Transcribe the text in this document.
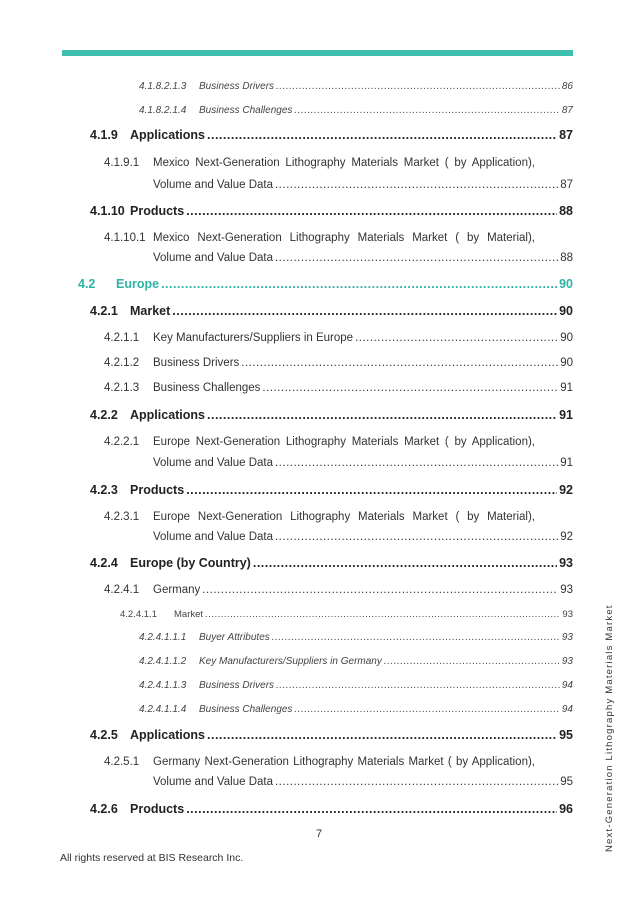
4.1.8.2.1.3	Business Drivers .....	86
4.1.8.2.1.4	Business Challenges .....	87
4.1.9 Applications .....	87
4.1.9.1	Mexico Next-Generation Lithography Materials Market ( by Application),
Volume and Value Data .....	87
4.1.10 Products .....	88
4.1.10.1 Mexico Next-Generation Lithography Materials Market ( by Material),
Volume and Value Data .....	88
4.2	Europe .....	90
4.2.1 Market .....	90
4.2.1.1	Key Manufacturers/Suppliers in Europe .....	90
4.2.1.2	Business Drivers .....	90
4.2.1.3	Business Challenges .....	91
4.2.2 Applications .....	91
4.2.2.1	Europe Next-Generation Lithography Materials Market ( by Application),
Volume and Value Data .....	91
4.2.3 Products .....	92
4.2.3.1	Europe Next-Generation Lithography Materials Market ( by Material),
Volume and Value Data .....	92
4.2.4 Europe (by Country) .....	93
4.2.4.1	Germany .....	93
4.2.4.1.1	Market .....	93
4.2.4.1.1.1	Buyer Attributes .....	93
4.2.4.1.1.2	Key Manufacturers/Suppliers in Germany .....	93
4.2.4.1.1.3	Business Drivers .....	94
4.2.4.1.1.4	Business Challenges .....	94
4.2.5 Applications .....	95
4.2.5.1	Germany Next-Generation Lithography Materials Market ( by Application),
Volume and Value Data .....	95
4.2.6 Products .....	96	Next-Generation Lithography Materials Market
7
All rights reserved at BIS Research Inc.
